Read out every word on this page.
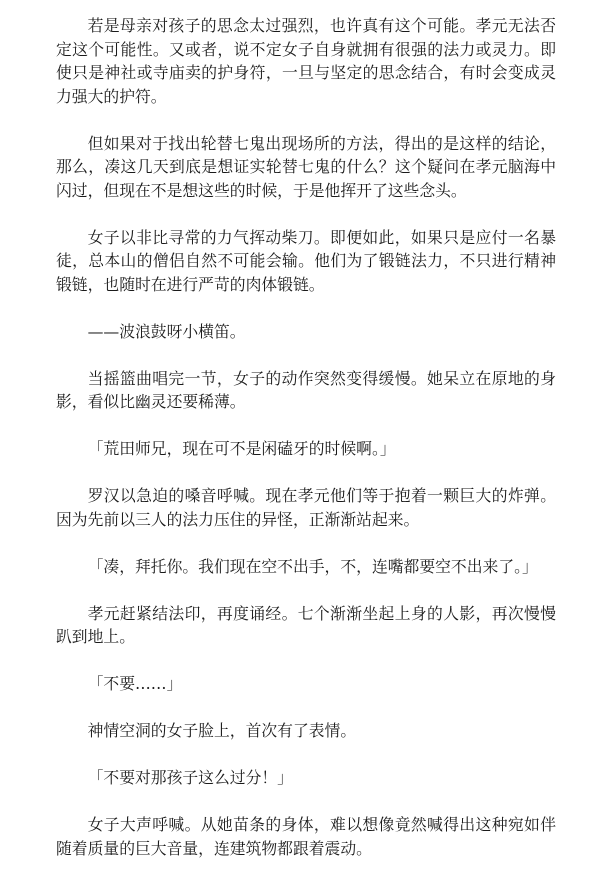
若是母亲对孩子的思念太过强烈，也许真有这个可能。孝元无法否定这个可能性。又或者，说不定女子自身就拥有很强的法力或灵力。即使只是神社或寺庙卖的护身符，一旦与坚定的思念结合，有时会变成灵力强大的护符。

但如果对于找出轮替七鬼出现场所的方法，得出的是这样的结论，那么，凑这几天到底是想证实轮替七鬼的什么？这个疑问在孝元脑海中闪过，但现在不是想这些的时候，于是他挥开了这些念头。

女子以非比寻常的力气挥动柴刀。即便如此，如果只是应付一名暴徒，总本山的僧侣自然不可能会输。他们为了锻链法力，不只进行精神锻链，也随时在进行严苛的肉体锻链。

——波浪鼓呀小横笛。

当摇篮曲唱完一节，女子的动作突然变得缓慢。她呆立在原地的身影，看似比幽灵还要稀薄。

「荒田师兄，现在可不是闲磕牙的时候啊。」

罗汉以急迫的嗓音呼喊。现在孝元他们等于抱着一颗巨大的炸弹。因为先前以三人的法力压住的异怪，正渐渐站起来。

「凑，拜托你。我们现在空不出手，不，连嘴都要空不出来了。」

孝元赶紧结法印，再度诵经。七个渐渐坐起上身的人影，再次慢慢趴到地上。

「不要……」

神情空洞的女子脸上，首次有了表情。

「不要对那孩子这么过分！」

女子大声呼喊。从她苗条的身体，难以想像竟然喊得出这种宛如伴随着质量的巨大音量，连建筑物都跟着震动。
